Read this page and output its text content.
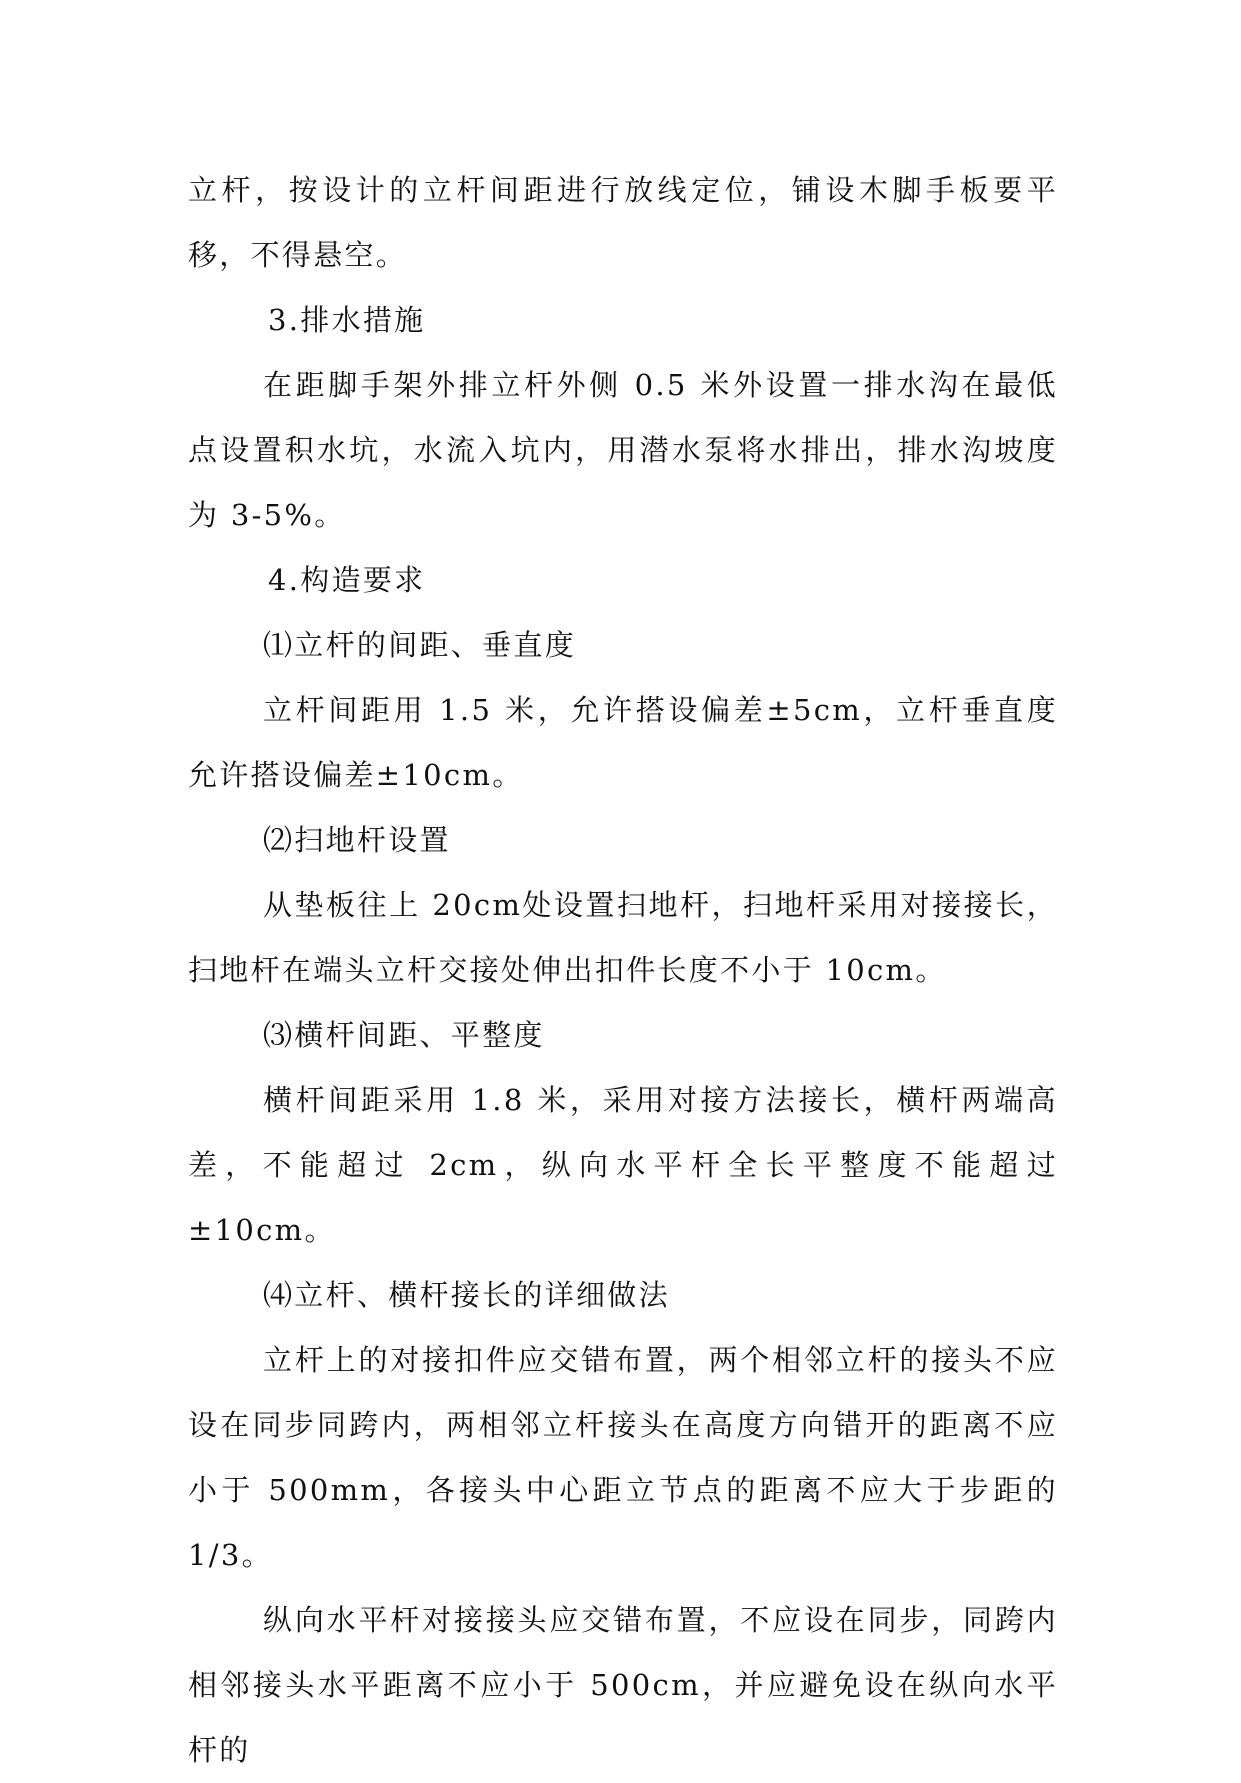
立杆，按设计的立杆间距进行放线定位，铺设木脚手板要平移，不得悬空。

3.排水措施

在距脚手架外排立杆外侧 0.5 米外设置一排水沟在最低点设置积水坑，水流入坑内，用潜水泵将水排出，排水沟坡度为 3-5%。

4.构造要求

⑴立杆的间距、垂直度

立杆间距用 1.5 米，允许搭设偏差±5cm，立杆垂直度允许搭设偏差±10cm。

⑵扫地杆设置

从垫板往上 20cm处设置扫地杆，扫地杆采用对接接长，扫地杆在端头立杆交接处伸出扣件长度不小于 10cm。

⑶横杆间距、平整度

横杆间距采用 1.8 米，采用对接方法接长，横杆两端高差，不能超过 2cm，纵向水平杆全长平整度不能超过±10cm。

⑷立杆、横杆接长的详细做法

立杆上的对接扣件应交错布置，两个相邻立杆的接头不应设在同步同跨内，两相邻立杆接头在高度方向错开的距离不应小于 500mm，各接头中心距立节点的距离不应大于步距的 1/3。

纵向水平杆对接接头应交错布置，不应设在同步，同跨内相邻接头水平距离不应小于 500cm，并应避免设在纵向水平杆的
